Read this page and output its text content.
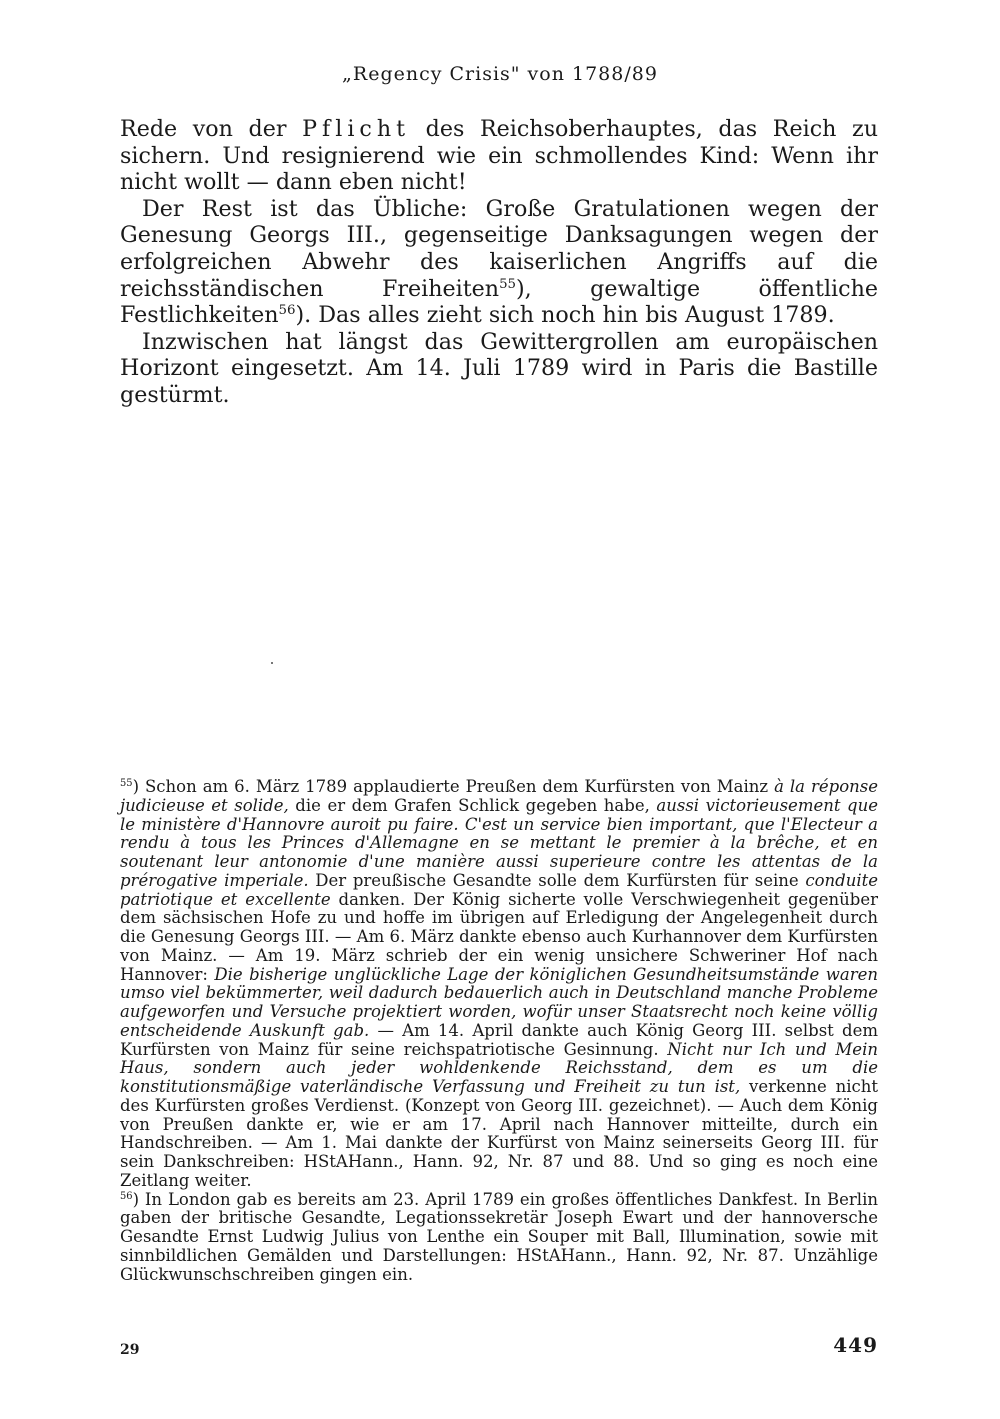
„Regency Crisis" von 1788/89

Rede von der Pflicht des Reichsoberhauptes, das Reich zu sichern. Und resignierend wie ein schmollendes Kind: Wenn ihr nicht wollt — dann eben nicht!

Der Rest ist das Übliche: Große Gratulationen wegen der Genesung Georgs III., gegenseitige Danksagungen wegen der erfolgreichen Abwehr des kaiserlichen Angriffs auf die reichsständischen Freiheiten$^{55}$), gewaltige öffentliche Festlichkeiten$^{56}$). Das alles zieht sich noch hin bis August 1789.

Inzwischen hat längst das Gewittergrollen am europäischen Horizont eingesetzt. Am 14. Juli 1789 wird in Paris die Bastille gestürmt.

$^{55}$) Schon am 6. März 1789 applaudierte Preußen dem Kurfürsten von Mainz à la réponse judicieuse et solide, die er dem Grafen Schlick gegeben habe, aussi victorieusement que le ministère d'Hannovre auroit pu faire. C'est un service bien important, que l'Electeur a rendu à tous les Princes d'Allemagne en se mettant le premier à la brêche, et en soutenant leur antonomie d'une manière aussi superieure contre les attentas de la prérogative imperiale. Der preußische Gesandte solle dem Kurfürsten für seine conduite patriotique et excellente danken. Der König sicherte volle Verschwiegenheit gegenüber dem sächsischen Hofe zu und hoffe im übrigen auf Erledigung der Angelegenheit durch die Genesung Georgs III. — Am 6. März dankte ebenso auch Kurhannover dem Kurfürsten von Mainz. — Am 19. März schrieb der ein wenig unsichere Schweriner Hof nach Hannover: Die bisherige unglückliche Lage der königlichen Gesundheitsumstände waren umso viel bekümmerter, weil dadurch bedauerlich auch in Deutschland manche Probleme aufgeworfen und Versuche projektiert worden, wofür unser Staatsrecht noch keine völlig entscheidende Auskunft gab. — Am 14. April dankte auch König Georg III. selbst dem Kurfürsten von Mainz für seine reichspatriotische Gesinnung. Nicht nur Ich und Mein Haus, sondern auch jeder wohldenkende Reichsstand, dem es um die konstitutionsmäßige vaterländische Verfassung und Freiheit zu tun ist, verkenne nicht des Kurfürsten großes Verdienst. (Konzept von Georg III. gezeichnet). — Auch dem König von Preußen dankte er, wie er am 17. April nach Hannover mitteilte, durch ein Handschreiben. — Am 1. Mai dankte der Kurfürst von Mainz seinerseits Georg III. für sein Dankschreiben: HStAHann., Hann. 92, Nr. 87 und 88. Und so ging es noch eine Zeitlang weiter.

$^{56}$) In London gab es bereits am 23. April 1789 ein großes öffentliches Dankfest. In Berlin gaben der britische Gesandte, Legationssekretär Joseph Ewart und der hannoversche Gesandte Ernst Ludwig Julius von Lenthe ein Souper mit Ball, Illumination, sowie mit sinnbildlichen Gemälden und Darstellungen: HStAHann., Hann. 92, Nr. 87. Unzählige Glückwunschschreiben gingen ein.

29	449
